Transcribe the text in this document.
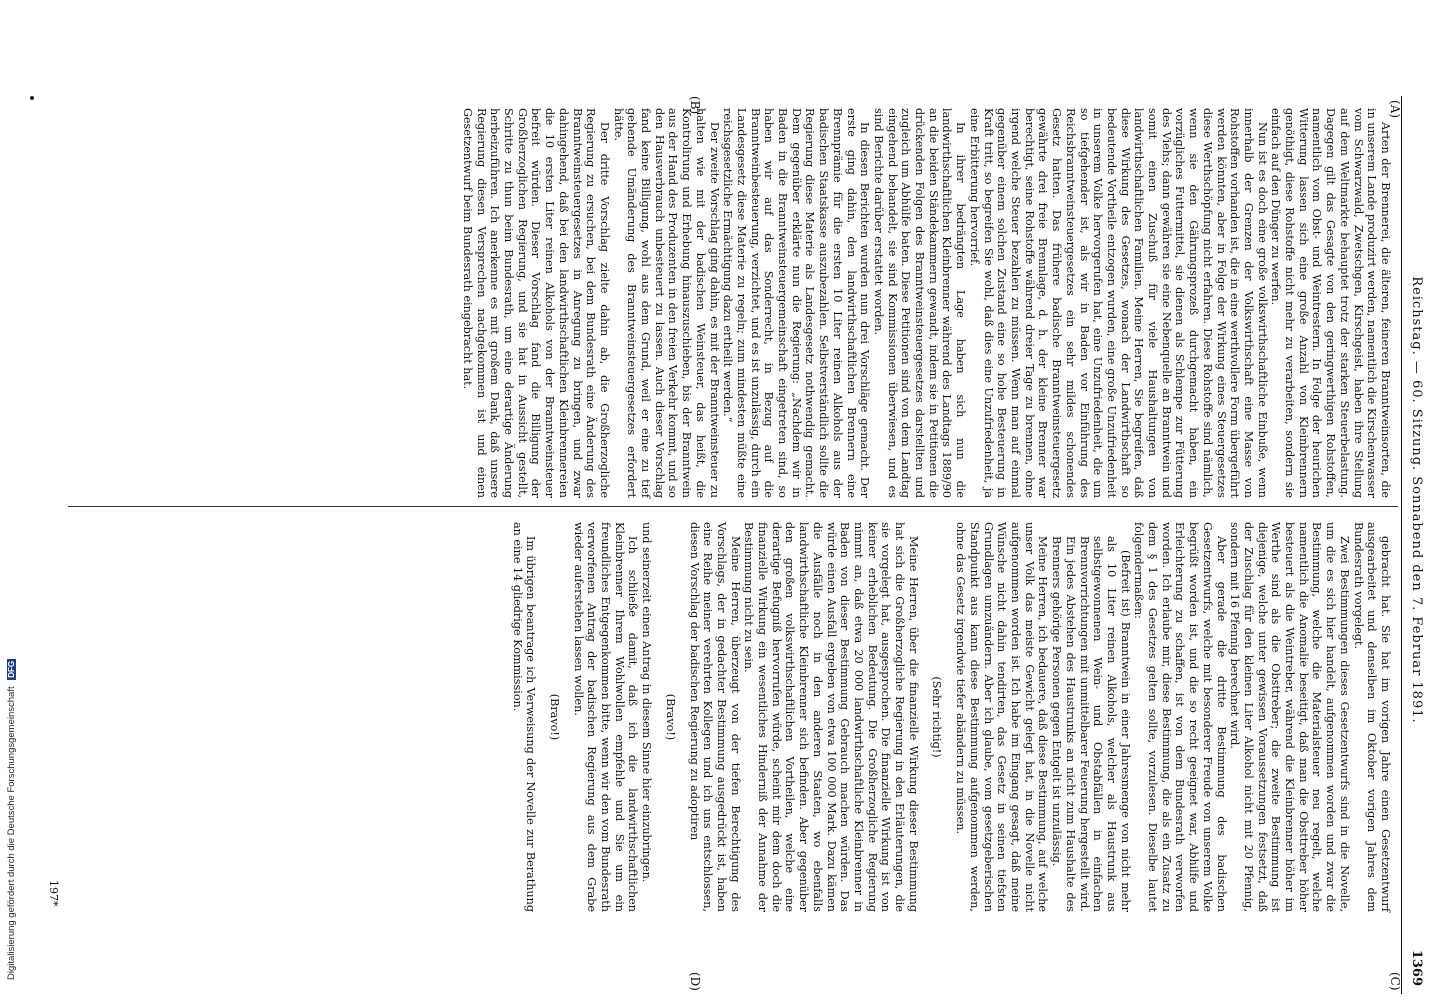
Reichstag. — 60. Sitzung. Sonnabend den 7. Februar 1891.
1369
(A)
(B)
(C)
(D)

Arten der Brennerei, die älteren, feineren Branntweinsorten, die in unserem Lande produzirt werden, namentlich die Kirschenwasser vom Schwarzwald, Zwetschgen, Kirschgeist, haben ihre Stellung auf dem Weltmarkte behauptet trotz der starken Steuerbelastung. Dagegen gilt das Gesagte von den geringwerthigen Rohstoffen, namentlich vom Obst- und Weintrestern. In Folge der heurichen Witterung lassen sich eine große Anzahl von Kleinbrennern genöthigt, diese Rohstoffe nicht mehr zu verarbeiten, sondern sie einfach auf den Dünger zu werfen.

Nun ist es doch eine große volkswirthschaftliche Einbuße, wenn innerhalb der Grenzen der Volkswirthschaft eine Masse von Rohstoffen vorhanden ist, die in eine werthvollere Form übergeführt werden könnten, aber in Folge der Wirkung eines Steuergesetzes diese Werthschöpfung nicht erfahren. Diese Rohstoffe sind nämlich, wenn sie den Gährungsprozeß durchgemacht haben, ein vorzügliches Futtermittel, sie dienen als Schlempe zur Fütterung des Viehs; dann gewähren sie eine Nebenquelle an Branntwein und somit einen Zuschuß für viele Haushaltungen von landwirthschaftlichen Familien. Meine Herren, Sie begreifen, daß diese Wirkung des Gesetzes, wonach der Landwirthschaft so bedeutende Vortheile entzogen wurden, eine große Unzufriedenheit in unserem Volke hervorgerufen hat, eine Unzufriedenheit, die um so tiefgehender ist, als wir in Baden vor Einführung des Reichsbranntweinsteuergesetzes ein sehr mildes schonendes Gesetz hatten. Das frühere badische Branntweinsteuergesetz gewährte drei freie Brennlage, d. h. der kleine Brenner war berechtigt, seine Rohstoffe während dreier Tage zu brennen, ohne irgend welche Steuer bezahlen zu müssen. Wenn man auf einmal gegenüber einem solchen Zustand eine so hohe Besteuerung in Kraft tritt, so begreifen Sie wohl, daß dies eine Unzufriedenheit, ja eine Erbitterung hervorrief.

In ihrer bedrängten Lage haben sich nun die landwirthschaftlichen Kleinbrenner während des Landtags 1889/90 an die beiden Ständekammern gewandt, indem sie in Petitionen die drückenden Folgen des Branntweinsteuergesetzes darstellten und zugleich um Abhülfe baten. Diese Petitionen sind von dem Landtag eingehend behandelt, sie sind Kommissionen überwiesen, und es sind Berichte darüber erstattet worden.

In diesen Berichten wurden nun drei Vorschläge gemacht. Der erste ging dahin, den landwirthschaftlichen Brennern eine Brennprämie für die ersten 10 Liter reinen Alkohols aus der badischen Staatskasse auszubezahlen. Selbstverständlich sollte die Regierung diese Materie als Landesgesetz nothwendig gemacht. Dem gegenüber erklärte nun die Regierung: „Nachdem wir in Baden in die Branntweinsteuergemeinschaft eingetreten sind, so haben wir auf das Sonderrecht, in Bezug auf die Branntweinbesteuerung, verzichtet, und es ist unzulässig, durch ein Landesgesetz diese Materie zu regeln; zum mindesten müßte eine reichsgesetzliche Ermächtigung dazu ertheilt werden.“

Der zweite Vorschlag ging dahin, es mit der Branntweinsteuer zu halten wie mit der badischen Weinsteuer, das heißt, die Kontrolirung und Erhebung hinauszuschieben, bis der Branntwein aus der Hand des Produzenten in den freien Verkehr kommt, und so den Hausverbrauch unbesteuert zu lassen. Auch dieser Vorschlag fand keine Billigung, wohl aus dem Grund, weil er eine zu tief gehende Umänderung des Branntweinsteuergesetzes erfordert hätte.

Der dritte Vorschlag zielte dahin ab, die Großherzogliche Regierung zu ersuchen, bei dem Bundesrath eine Änderung des Branntweinsteuergesetzes in Anregung zu bringen, und zwar dahingehend, daß bei den landwirthschaftlichen Kleinbrennereien die 10 ersten Liter reinen Alkohols von der Branntweinsteuer befreit würden. Dieser Vorschlag fand die Billigung der Großherzoglichen Regierung, und sie hat in Aussicht gestellt, Schritte zu thun beim Bundesrath, um eine derartige Änderung herbeizuführen. Ich anerkenne es mit großem Dank, daß unsere Regierung diesen Versprechen nachgekommen ist und einen Gesetzentwurf beim Bundesrath eingebracht hat.

gebracht hat. Sie hat im vorigen Jahre einen Gesetzentwurf ausgearbeitet und denselben im Oktober vorigen Jahres dem Bundesrath vorgelegt.

Zwei Bestimmungen dieses Gesetzentwurfs sind in die Novelle, um die es sich hier handelt, aufgenommen worden und zwar die Bestimmung, welche die Materialsteuer neu regelt, welche namentlich die Anomalie beseitigt, daß man die Obsttreber höher besteuert als die Weintreber, während die Kleinbrenner höher im Werthe sind als die Obsttreber; die zweite Bestimmung ist diejenige, welche unter gewissen Voraussetzungen festsetzt, daß der Zuschlag für den kleinen Liter Alkohol nicht mit 20 Pfennig, sondern mit 16 Pfennig berechnet wird.

Aber gerade die dritte Bestimmung des badischen Gesetzentwurfs, welche mit besonderer Freude von unserem Volke begrüßt worden ist, und die so recht geeignet war, Abhilfe und Erleichterung zu schaffen, ist von dem Bundesrath verworfen worden. Ich erlaube mir, diese Bestimmung, die als ein Zusatz zu dem § 1 des Gesetzes gelten sollte, vorzulesen. Dieselbe lautet folgendermaßen:

(Befreit ist) Branntwein in einer Jahresmenge von nicht mehr als 10 Liter reinen Alkohols, welcher als Haustrunk aus selbstgewonnenen Wein- und Obstabfällen in einfachen Brennvorrichtungen mit unmittelbarer Feuerung hergestellt wird. Ein jedes Abstehen des Haustrunks an nicht zum Haushalte des Brenners gehörige Personen gegen Entgelt ist unzulässig.

Meine Herren, ich bedauere, daß diese Bestimmung, auf welche unser Volk das meiste Gewicht gelegt hat, in die Novelle nicht aufgenommen worden ist. Ich habe im Eingang gesagt, daß meine Wünsche nicht dahin tendirten, das Gesetz in seinen tiefsten Grundlagen umzuändern. Aber ich glaube, vom gesetzgeberischen Standpunkt aus kann diese Bestimmung aufgenommen werden, ohne das Gesetz irgendwie tiefer abändern zu müssen.

(Sehr richtig!)

Meine Herren, über die finanzielle Wirkung dieser Bestimmung hat sich die Großherzogliche Regierung in den Erläuterungen, die sie vorgelegt hat, ausgesprochen. Die finanzielle Wirkung ist von keiner erheblichen Bedeutung. Die Großherzogliche Regierung nimmt an, daß etwa 20 000 landwirthschaftliche Kleinbrenner in Baden von dieser Bestimmung Gebrauch machen würden. Das würde einen Ausfall ergeben von etwa 100 000 Mark. Dazu kämen die Ausfälle noch in den anderen Staaten, wo ebenfalls landwirthschaftliche Kleinbrenner sich befinden. Aber gegenüber den großen volkswirthschaftlichen Vortheilen, welche eine derartige Befugniß hervorrufen würde, scheint mir dem doch die finanzielle Wirkung ein wesentliches Hinderniß der Annahme der Bestimmung nicht zu sein.

Meine Herren, überzeugt von der tiefen Berechtigung des Vorschlags, der in gedachter Bestimmung ausgedrückt ist, haben eine Reihe meiner verehrten Kollegen und ich uns entschlossen, diesen Vorschlag der badischen Regierung zu adoptiren

(Bravo!)

und seinerzeit einen Antrag in diesem Sinne hier einzubringen.

Ich schließe damit, daß ich die landwirthschaftlichen Kleinbrenner Ihrem Wohlwollen empfehle und Sie um ein freundliches Entgegenkommen bitte, wenn wir den vom Bundesrath verworfenen Antrag der badischen Regierung aus dem Grabe wieder auferstehen lassen wollen.

(Bravo!)

Im übrigen beantrage ich Verweisung der Novelle zur Berathung an eine 14 gliedrige Kommission.

197*
Digitalisierung gefördert durch die Deutsche Forschungsgemeinschaft DFG
